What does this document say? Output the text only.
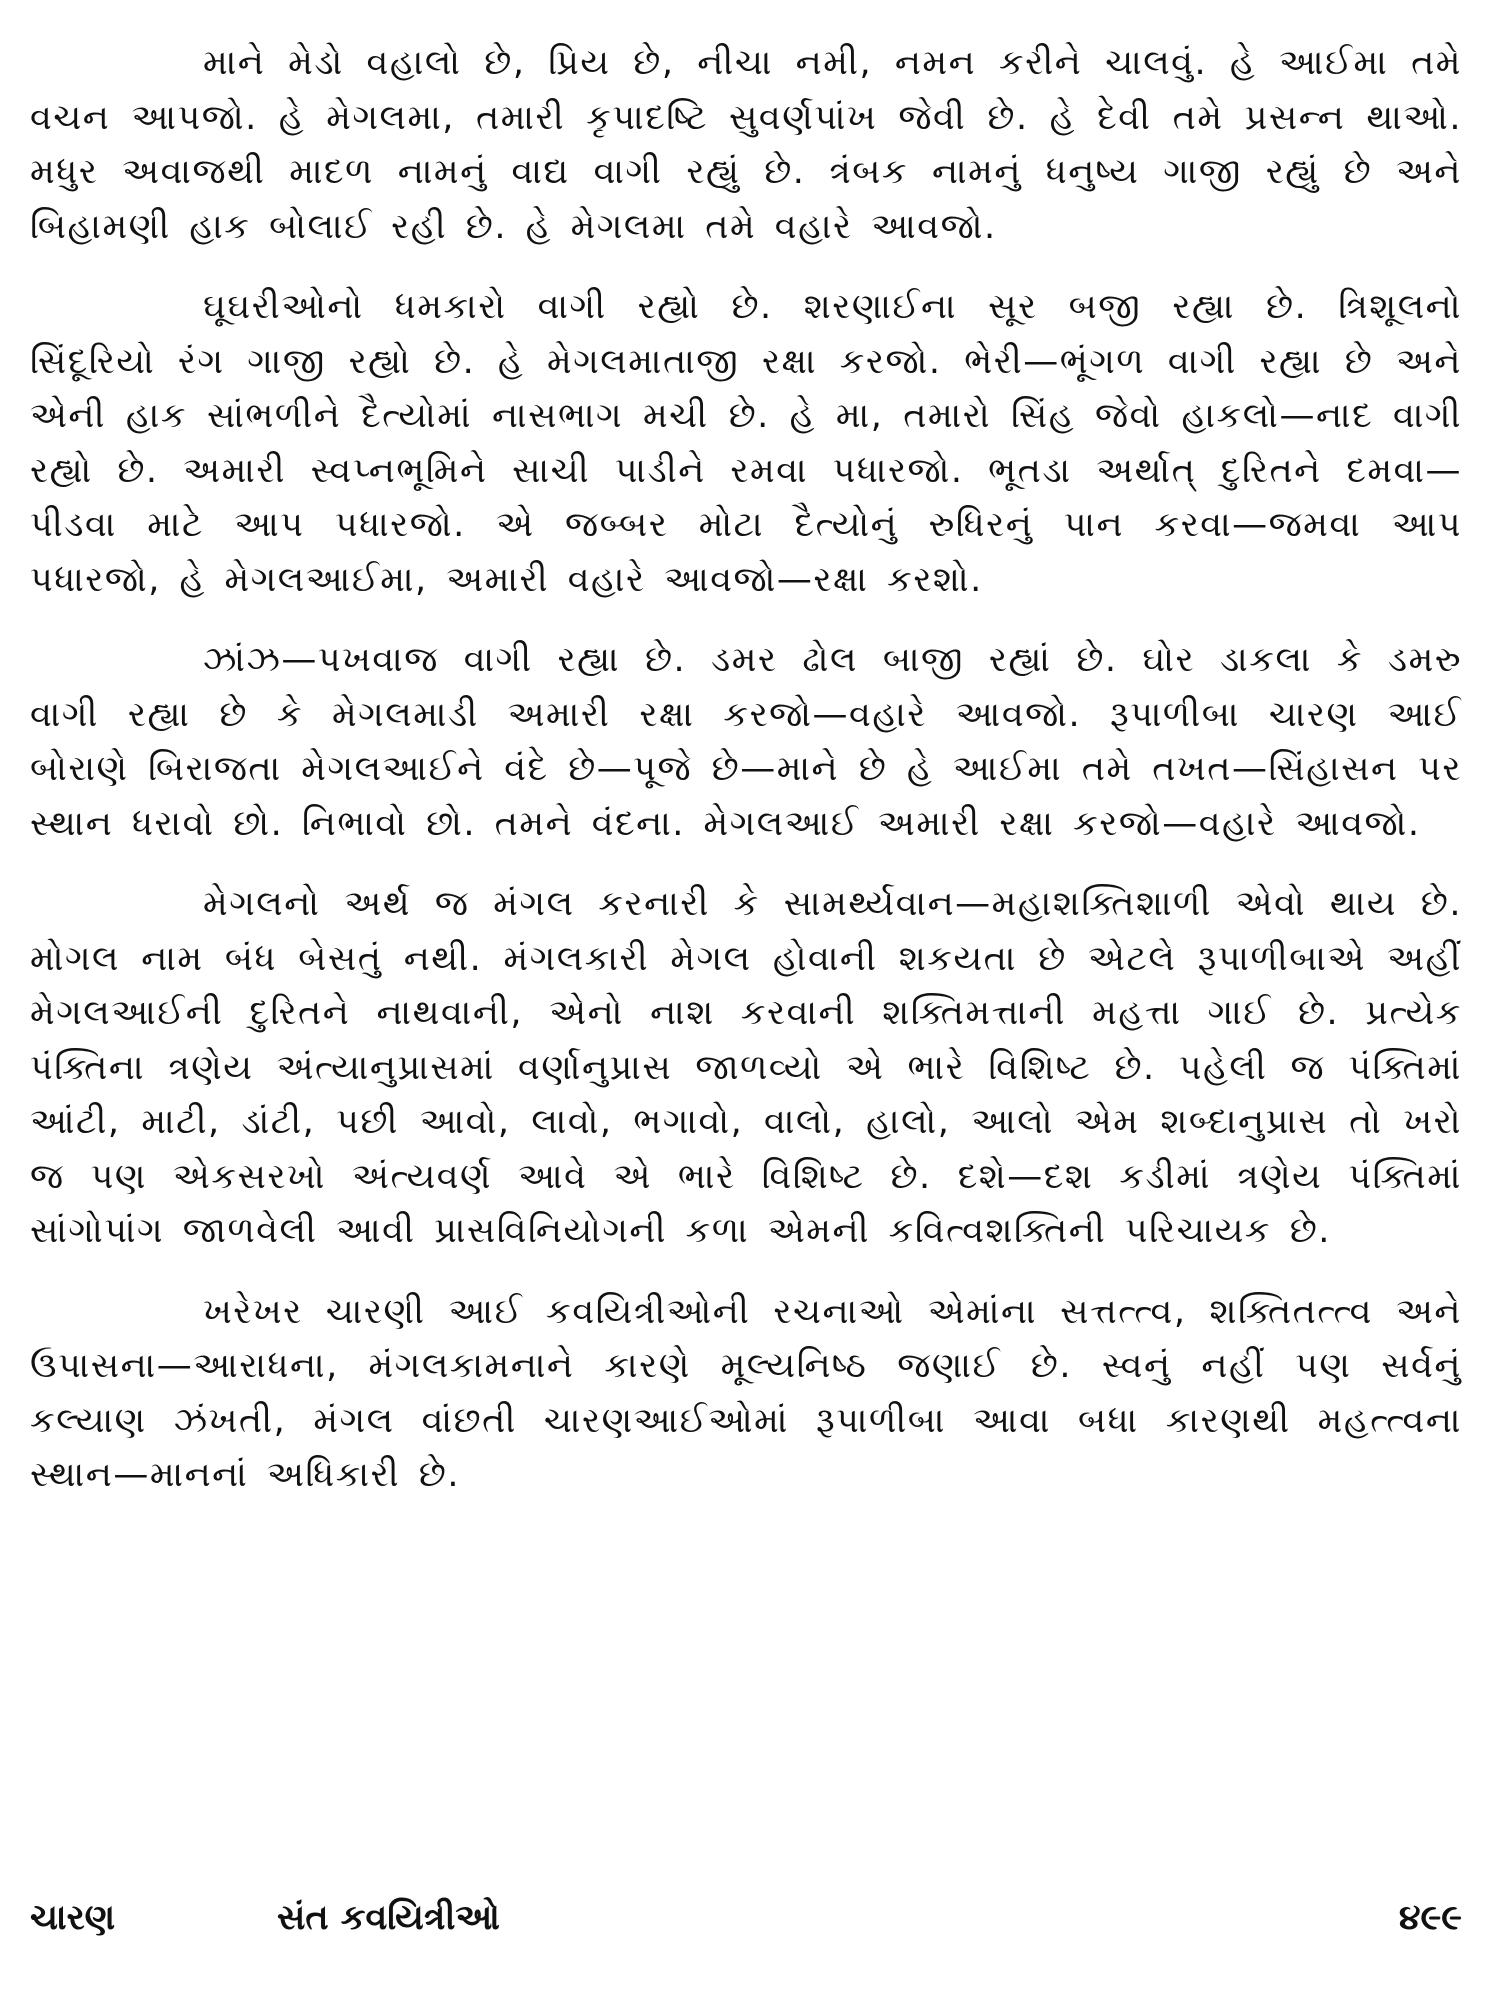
માને મેડો વહાલો છે, પ્રિય છે, નીચા નમી, નમન કરીને ચાલવું. હે આઈમા તમે વચન આપજો. હે મેગલમા, તમારી કૃપાદષ્ટિ સુવર્ણપાંખ જેવી છે. હે દેવી તમે પ્રસન્ન થાઓ. મધુર અવાજથી માદળ નામનું વાદ્ય વાગી રહ્યું છે. ત્રંબક નામનું ધનુષ્ય ગાજી રહ્યું છે અને બિહામણી હાક બોલાઈ રહી છે. હે મેગલમા તમે વહારે આવજો.

ઘૂઘરીઓનો ધમકારો વાગી રહ્યો છે. શરણાઈના સૂર બજી રહ્યા છે. ત્રિશૂલનો સિંદૂરિયો રંગ ગાજી રહ્યો છે. હે મેગલમાતાજી રક્ષા કરજો. ભેરી—ભૂંગળ વાગી રહ્યા છે અને એની હાક સાંભળીને દૈત્યોમાં નાસભાગ મચી છે. હે મા, તમારો સિંહ જેવો હાકલો—નાદ વાગી રહ્યો છે. અમારી સ્વપ્નભૂમિને સાચી પાડીને રમવા પધારજો. ભૂતડા અર્થાત્ દુરિતને દમવા—પીડવા માટે આપ પધારજો. એ જબ્બર મોટા દૈત્યોનું રુધિરનું પાન કરવા—જમવા આપ પધારજો, હે મેગલઆઈમા, અમારી વહારે આવજો—રક્ષા કરશો.

ઝાંઝ—પખવાજ વાગી રહ્યા છે. ડમર ઢોલ બાજી રહ્યાં છે. ઘોર ડાકલા કે ડમરુ વાગી રહ્યા છે કે મેગલમાડી અમારી રક્ષા કરજો—વહારે આવજો. રૂપાળીબા ચારણ આઈ બોરાણે બિરાજતા મેગલઆઈને વંદે છે—પૂજે છે—માને છે હે આઈમા તમે તખત—સિંહાસન પર સ્થાન ધરાવો છો. નિભાવો છો. તમને વંદના. મેગલઆઈ અમારી રક્ષા કરજો—વહારે આવજો.

મેગલનો અર્થ જ મંગલ કરનારી કે સામર્થ્યવાન—મહાશક્તિશાળી એવો થાય છે. મોગલ નામ બંધ બેસતું નથી. મંગલકારી મેગલ હોવાની શકયતા છે એટલે રૂપાળીબાએ અહીં મેગલઆઈની દુરિતને નાથવાની, એનો નાશ કરવાની શક્તિમત્તાની મહત્તા ગાઈ છે. પ્રત્યેક પંક્તિના ત્રણેય અંત્યાનુપ્રાસમાં વર્ણાનુપ્રાસ જાળવ્યો એ ભારે વિશિષ્ટ છે. પહેલી જ પંક્તિમાં આંટી, માટી, ડાંટી, પછી આવો, લાવો, ભગાવો, વાલો, હાલો, આલો એમ શબ્દાનુપ્રાસ તો ખરો જ પણ એકસરખો અંત્યવર્ણ આવે એ ભારે વિશિષ્ટ છે. દશે—દશ કડીમાં ત્રણેય પંક્તિમાં સાંગોપાંગ જાળવેલી આવી પ્રાસવિનિયોગની કળા એમની કવિત્વશક્તિની પરિચાયક છે.

ખરેખર ચારણી આઈ કવયિત્રીઓની રચનાઓ એમાંના સત્તત્ત્વ, શક્તિતત્ત્વ અને ઉપાસના—આરાધના, મંગલકામનાને કારણે મૂલ્યનિષ્ઠ જણાઈ છે. સ્વનું નહીં પણ સર્વનું કલ્યાણ ઝંખતી, મંગલ વાંછતી ચારણઆઈઓમાં રૂપાળીબા આવા બધા કારણથી મહત્ત્વના સ્થાન—માનનાં અધિકારી છે.

ચારણ	સંત કવયિત્રીઓ	૪૯૯
